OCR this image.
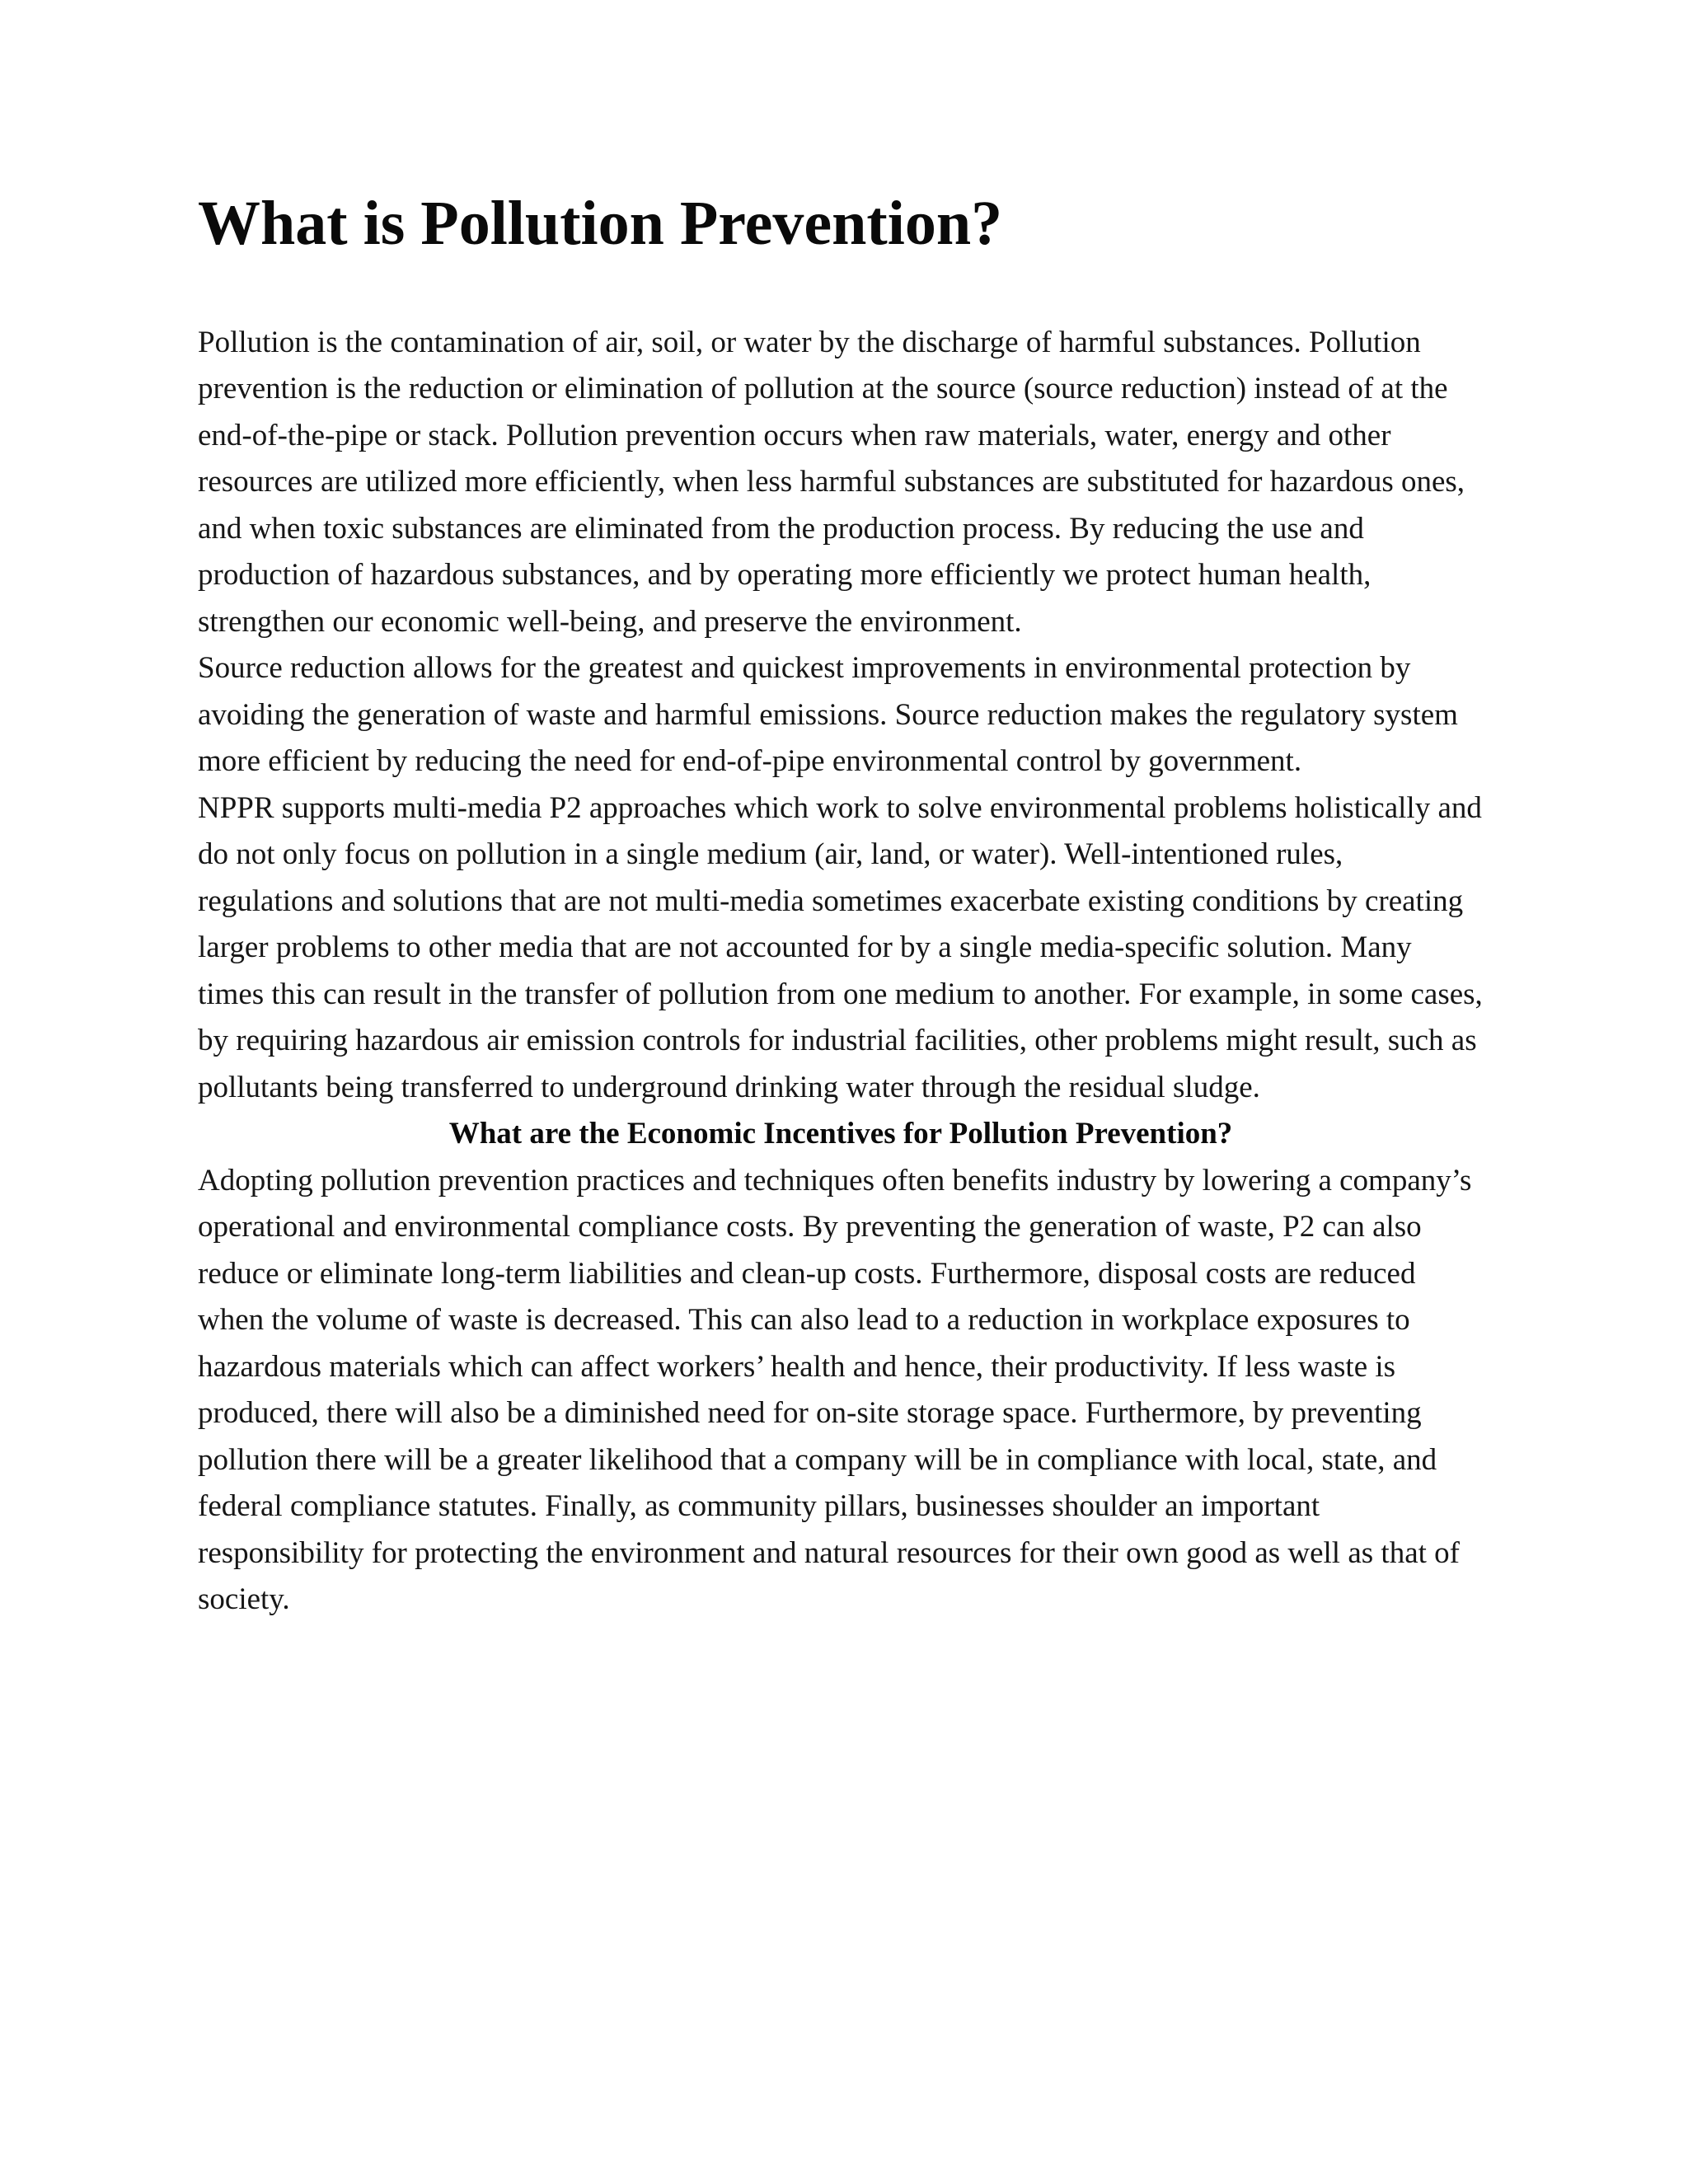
What is Pollution Prevention?

Pollution is the contamination of air, soil, or water by the discharge of harmful substances. Pollution prevention is the reduction or elimination of pollution at the source (source reduction) instead of at the end-of-the-pipe or stack. Pollution prevention occurs when raw materials, water, energy and other resources are utilized more efficiently, when less harmful substances are substituted for hazardous ones, and when toxic substances are eliminated from the production process. By reducing the use and production of hazardous substances, and by operating more efficiently we protect human health, strengthen our economic well-being, and preserve the environment.

Source reduction allows for the greatest and quickest improvements in environmental protection by avoiding the generation of waste and harmful emissions. Source reduction makes the regulatory system more efficient by reducing the need for end-of-pipe environmental control by government.

NPPR supports multi-media P2 approaches which work to solve environmental problems holistically and do not only focus on pollution in a single medium (air, land, or water). Well-intentioned rules, regulations and solutions that are not multi-media sometimes exacerbate existing conditions by creating larger problems to other media that are not accounted for by a single media-specific solution. Many times this can result in the transfer of pollution from one medium to another. For example, in some cases, by requiring hazardous air emission controls for industrial facilities, other problems might result, such as pollutants being transferred to underground drinking water through the residual sludge.

What are the Economic Incentives for Pollution Prevention?

Adopting pollution prevention practices and techniques often benefits industry by lowering a company’s operational and environmental compliance costs. By preventing the generation of waste, P2 can also reduce or eliminate long-term liabilities and clean-up costs. Furthermore, disposal costs are reduced when the volume of waste is decreased. This can also lead to a reduction in workplace exposures to hazardous materials which can affect workers’ health and hence, their productivity. If less waste is produced, there will also be a diminished need for on-site storage space. Furthermore, by preventing pollution there will be a greater likelihood that a company will be in compliance with local, state, and federal compliance statutes. Finally, as community pillars, businesses shoulder an important responsibility for protecting the environment and natural resources for their own good as well as that of society.
